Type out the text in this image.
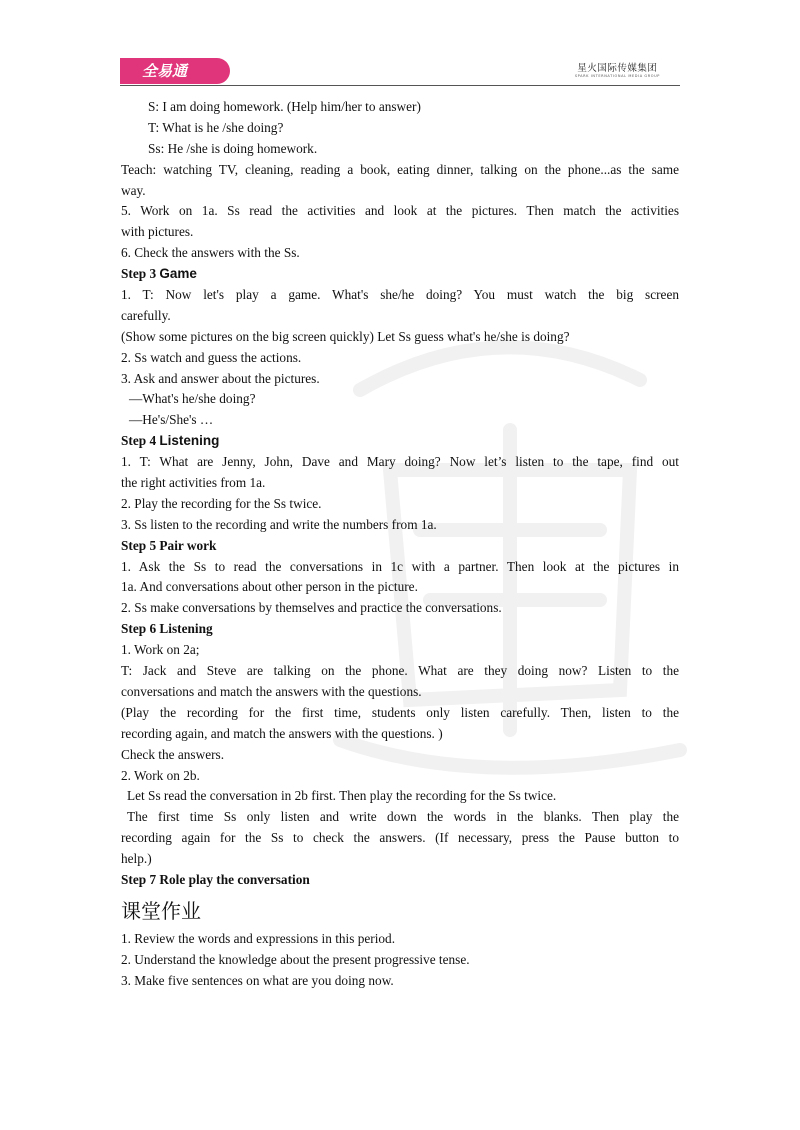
全易通	星火国际传媒集团
SPARK INTERNATIONAL MEDIA GROUP
S: I am doing homework. (Help him/her to answer)
T: What is he /she doing?
Ss: He /she is doing homework.
Teach: watching TV, cleaning, reading a book, eating dinner, talking on the phone...as the same
way.
5. Work on 1a. Ss read the activities and look at the pictures. Then match the activities
with pictures.
6. Check the answers with the Ss.
Step 3 Game
1. T: Now let's play a game. What's she/he doing? You must watch the big screen
carefully.
(Show some pictures on the big screen quickly) Let Ss guess what's he/she is doing?
2. Ss watch and guess the actions.
3. Ask and answer about the pictures.
—What's he/she doing?
—He's/She's …
Step 4 Listening
1. T: What are Jenny, John, Dave and Mary doing? Now let’s listen to the tape, find out
the right activities from 1a.
2. Play the recording for the Ss twice.
3. Ss listen to the recording and write the numbers from 1a.
Step 5 Pair work
1. Ask the Ss to read the conversations in 1c with a partner. Then look at the pictures in
1a. And conversations about other person in the picture.
2. Ss make conversations by themselves and practice the conversations.
Step 6 Listening
1. Work on 2a;
T: Jack and Steve are talking on the phone. What are they doing now? Listen to the
conversations and match the answers with the questions.
(Play the recording for the first time, students only listen carefully. Then, listen to the
recording again, and match the answers with the questions. )
Check the answers.
2. Work on 2b.
Let Ss read the conversation in 2b first. Then play the recording for the Ss twice.
The first time Ss only listen and write down the words in the blanks. Then play the
recording again for the Ss to check the answers. (If necessary, press the Pause button to
help.)
Step 7 Role play the conversation
课堂作业
1. Review the words and expressions in this period.
2. Understand the knowledge about the present progressive tense.
3. Make five sentences on what are you doing now.
